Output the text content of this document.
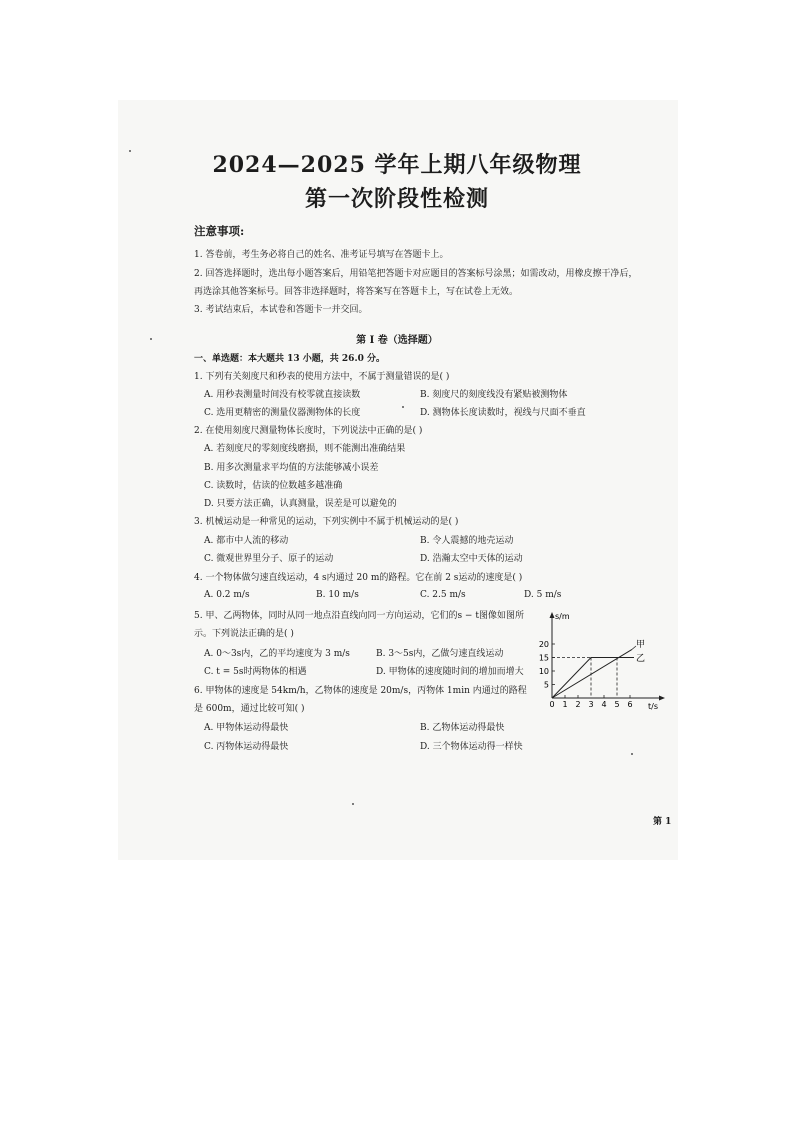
2024—2025 学年上期八年级物理
第一次阶段性检测
注意事项:
1. 答卷前，考生务必将自己的姓名、准考证号填写在答题卡上。
2. 回答选择题时，选出每小题答案后，用铅笔把答题卡对应题目的答案标号涂黑；如需改动，用橡皮擦干净后，
再选涂其他答案标号。回答非选择题时，将答案写在答题卡上，写在试卷上无效。
3. 考试结束后，本试卷和答题卡一并交回。
第 I 卷（选择题）
一、单选题：本大题共 13 小题，共 26.0 分。
1. 下列有关刻度尺和秒表的使用方法中，不属于测量错误的是( )
A. 用秒表测量时间没有校零就直接读数	B. 刻度尺的刻度线没有紧贴被测物体
C. 选用更精密的测量仪器测物体的长度	D. 测物体长度读数时，视线与尺面不垂直
2. 在使用刻度尺测量物体长度时，下列说法中正确的是( )
A. 若刻度尺的零刻度线磨损，则不能测出准确结果
B. 用多次测量求平均值的方法能够减小误差
C. 读数时，估读的位数越多越准确
D. 只要方法正确，认真测量，误差是可以避免的
3. 机械运动是一种常见的运动，下列实例中不属于机械运动的是( )
A. 都市中人流的移动	B. 令人震撼的地壳运动
C. 微观世界里分子、原子的运动	D. 浩瀚太空中天体的运动
4. 一个物体做匀速直线运动，4 s内通过 20 m的路程。它在前 2 s运动的速度是( )
A. 0.2 m/s	B. 10 m/s	C. 2.5 m/s	D. 5 m/s
5. 甲、乙两物体，同时从同一地点沿直线向同一方向运动，它们的s − t图像如图所
示。下列说法正确的是( )
A. 0～3s内，乙的平均速度为 3 m/s	B. 3～5s内，乙做匀速直线运动
C. t = 5s时两物体的相遇	D. 甲物体的速度随时间的增加而增大
6. 甲物体的速度是 54km/h，乙物体的速度是 20m/s，丙物体 1min 内通过的路程
是 600m，通过比较可知( )
A. 甲物体运动得最快	B. 乙物体运动得最快
C. 丙物体运动得最快	D. 三个物体运动得一样快
s/m
t/s
20
15
10
5
0 1 2 3 4 5 6
甲
乙
第 1
